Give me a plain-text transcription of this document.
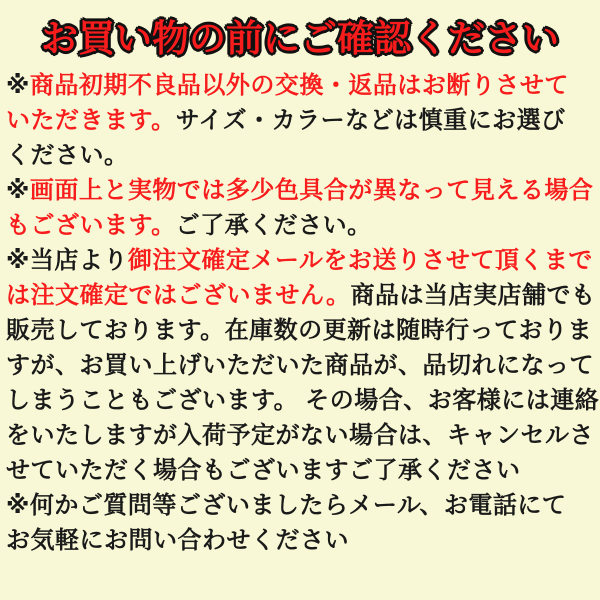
お買い物の前にご確認ください
※商品初期不良品以外の交換・返品はお断りさせて
いただきます。サイズ・カラーなどは慎重にお選び
ください。
※画面上と実物では多少色具合が異なって見える場合
もございます。ご了承ください。
※当店より御注文確定メールをお送りさせて頂くまで
は注文確定ではございません。商品は当店実店舗でも
販売しております。在庫数の更新は随時行っておりま
すが、お買い上げいただいた商品が、品切れになって
しまうこともございます。 その場合、お客様には連絡
をいたしますが入荷予定がない場合は、キャンセルさ
せていただく場合もございますご了承ください
※何かご質問等ございましたらメール、お電話にて
お気軽にお問い合わせください
